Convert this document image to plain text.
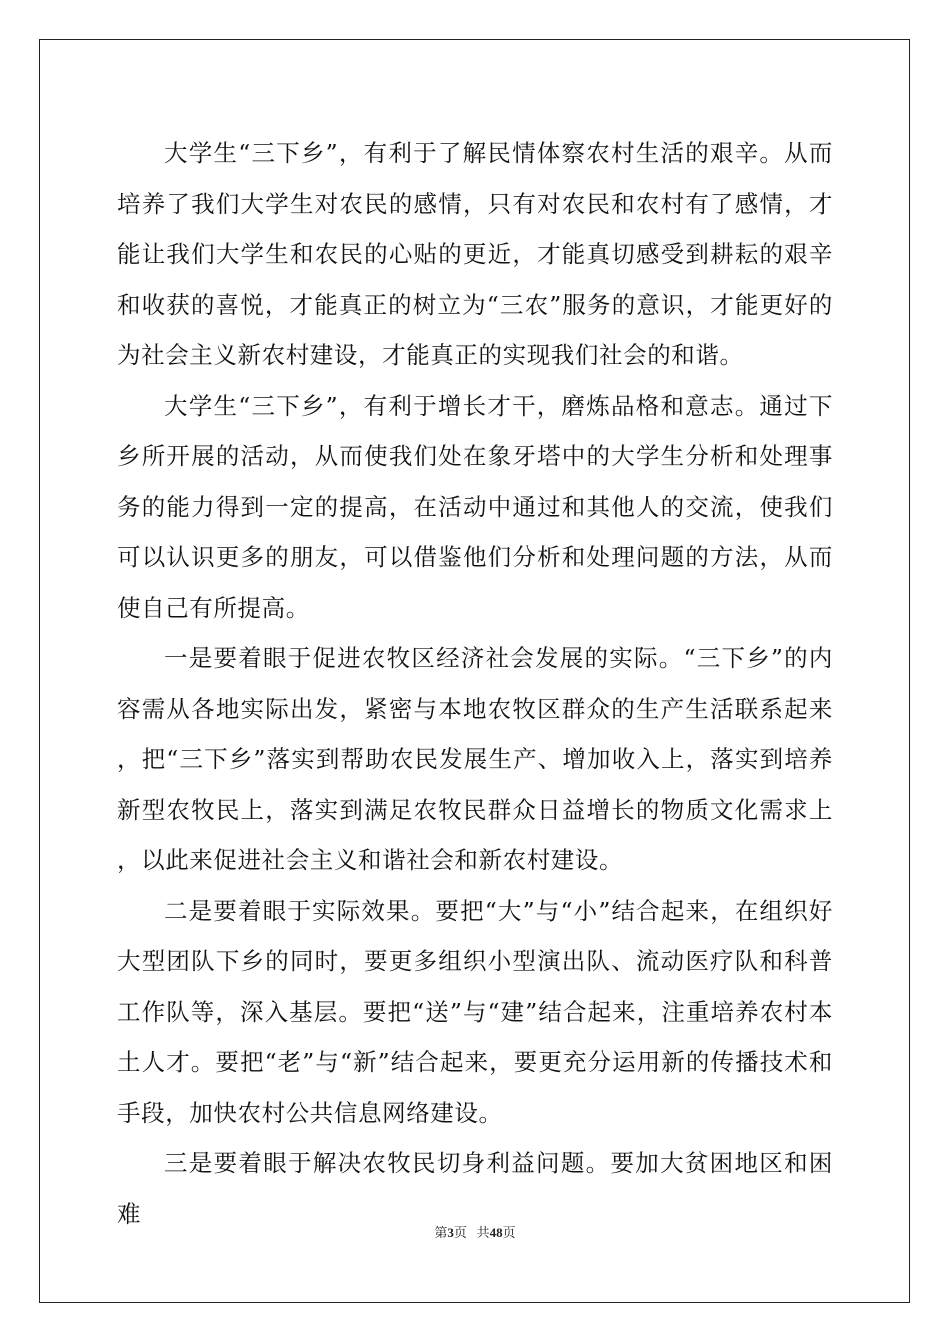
大学生“三下乡”，有利于了解民情体察农村生活的艰辛。从而培养了我们大学生对农民的感情，只有对农民和农村有了感情，才能让我们大学生和农民的心贴的更近，才能真切感受到耕耘的艰辛和收获的喜悦，才能真正的树立为“三农”服务的意识，才能更好的为社会主义新农村建设，才能真正的实现我们社会的和谐。

大学生“三下乡”，有利于增长才干，磨炼品格和意志。通过下乡所开展的活动，从而使我们处在象牙塔中的大学生分析和处理事务的能力得到一定的提高，在活动中通过和其他人的交流，使我们可以认识更多的朋友，可以借鉴他们分析和处理问题的方法，从而使自己有所提高。

一是要着眼于促进农牧区经济社会发展的实际。“三下乡”的内容需从各地实际出发，紧密与本地农牧区群众的生产生活联系起来，把“三下乡”落实到帮助农民发展生产、增加收入上，落实到培养新型农牧民上，落实到满足农牧民群众日益增长的物质文化需求上，以此来促进社会主义和谐社会和新农村建设。

二是要着眼于实际效果。要把“大”与“小”结合起来，在组织好大型团队下乡的同时，要更多组织小型演出队、流动医疗队和科普工作队等，深入基层。要把“送”与“建”结合起来，注重培养农村本土人才。要把“老”与“新”结合起来，要更充分运用新的传播技术和手段，加快农村公共信息网络建设。

三是要着眼于解决农牧民切身利益问题。要加大贫困地区和困难

第3页 共48页
